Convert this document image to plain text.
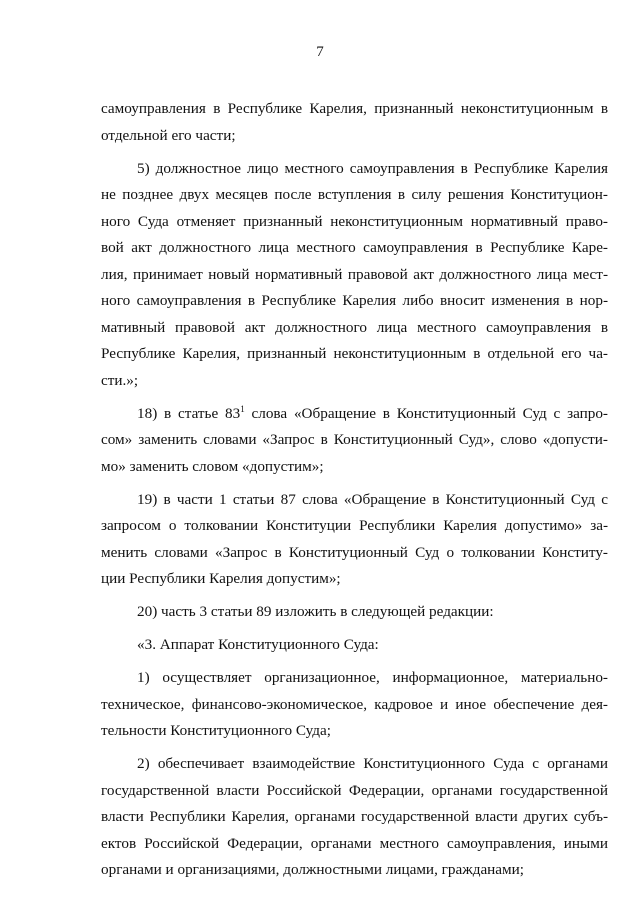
7
самоуправления в Республике Карелия, признанный неконституционным в
отдельной его части;
5) должностное лицо местного самоуправления в Республике Карелия
не позднее двух месяцев после вступления в силу решения Конституцион-
ного Суда отменяет признанный неконституционным нормативный право-
вой акт должностного лица местного самоуправления в Республике Каре-
лия, принимает новый нормативный правовой акт должностного лица мест-
ного самоуправления в Республике Карелия либо вносит изменения в нор-
мативный правовой акт должностного лица местного самоуправления в
Республике Карелия, признанный неконституционным в отдельной его ча-
сти.»;
18) в статье $83^1$ слова «Обращение в Конституционный Суд с запро-
сом» заменить словами «Запрос в Конституционный Суд», слово «допусти-
мо» заменить словом «допустим»;
19) в части 1 статьи 87 слова «Обращение в Конституционный Суд с
запросом о толковании Конституции Республики Карелия допустимо» за-
менить словами «Запрос в Конституционный Суд о толковании Конститу-
ции Республики Карелия допустим»;
20) часть 3 статьи 89 изложить в следующей редакции:
«3. Аппарат Конституционного Суда:
1) осуществляет организационное, информационное, материально-
техническое, финансово-экономическое, кадровое и иное обеспечение дея-
тельности Конституционного Суда;
2) обеспечивает взаимодействие Конституционного Суда с органами
государственной власти Российской Федерации, органами государственной
власти Республики Карелия, органами государственной власти других субъ-
ектов Российской Федерации, органами местного самоуправления, иными
органами и организациями, должностными лицами, гражданами;
